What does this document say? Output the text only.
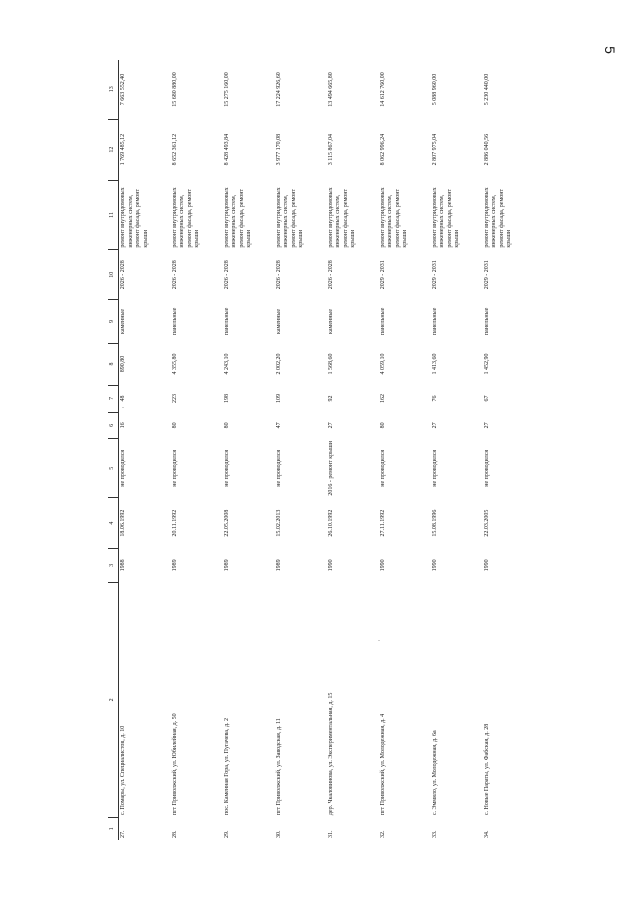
5
1	2	3	4	5	6	7	8	9	10	11	12	13
27.	с. Помары, ул. Специалистов, д. 10	1988	18.06.1992	не проводился	16	48	890,80	каменные	2026 - 2028	ремонт внутридомовых инженерных систем, ремонт фасада, ремонт крыши	1 769 485,12	7 663 552,40
28.	пгт Приволжский, ул. Юбилейная, д. 50	1989	20.11.1992	не проводился	80	223	4 355,80	панельные	2026 - 2028	ремонт внутридомовых инженерных систем, ремонт фасада, ремонт крыши	8 652 361,12	15 680 880,00
29.	пос. Каменная Гора, ул. Пугачева, д. 2	1989	22.05.2008	не проводился	80	198	4 243,10	панельные	2026 - 2028	ремонт внутридомовых инженерных систем, ремонт фасада, ремонт крыши	8 428 493,84	15 275 160,00
30.	пгт Приволжский, ул. Заводская, д. 11	1989	15.02.2013	не проводился	47	109	2 002,20	каменные	2026 - 2028	ремонт внутридомовых инженерных систем, ремонт фасада, ремонт крыши	3 977 170,08	17 224 926,60
31.	дер. Чкаловинова, ул. Экспериментальная, д. 15	1990	26.10.1992	2016 - ремонт крыши	27	92	1 568,60	каменные	2026 - 2028	ремонт внутридомовых инженерных систем, ремонт фасада, ремонт крыши	3 115 867,04	13 494 665,80
32.	пгт Приволжский, ул. Молодежная, д. 4	1990	27.11.1992	не проводился	80	162	4 059,10	панельные	2029 - 2031	ремонт внутридомовых инженерных систем, ремонт фасада, ремонт крыши	8 062 996,24	14 612 760,00
33.	с. Эммяло, ул. Молодежная, д. 6а	1990	15.08.1996	не проводился	27	76	1 413,60	панельные	2029 - 2031	ремонт внутридомовых инженерных систем, ремонт фасада, ремонт крыши	2 807 975,04	5 088 960,00
34.	с. Новые Параты, ул. Фабская, д. 28	1990	22.03.2005	не проводился	27	67	1 452,90	панельные	2029 - 2031	ремонт внутридомовых инженерных систем, ремонт фасада, ремонт крыши	2 886 040,56	5 230 440,00
